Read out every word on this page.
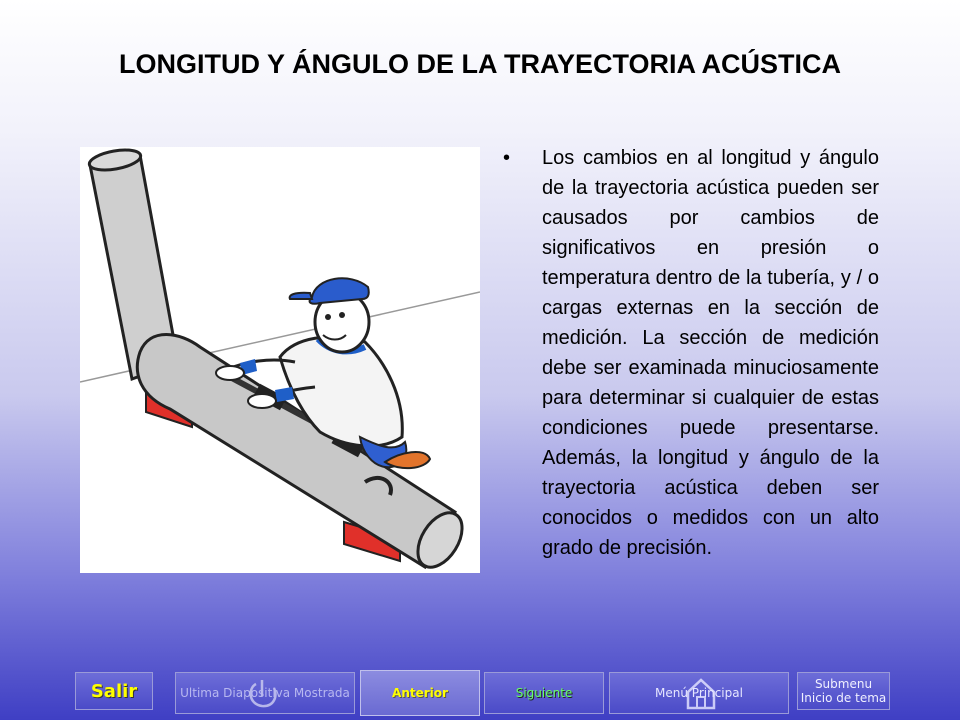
LONGITUD Y ÁNGULO DE LA TRAYECTORIA ACÚSTICA
•	Los cambios en al longitud y ángulo de la trayectoria acústica pueden ser causados por cambios de significativos en presión o temperatura dentro de la tubería, y / o cargas externas en la sección de medición. La sección de medición debe ser examinada minuciosamente para determinar si cualquier de estas condiciones puede presentarse. Además, la longitud y ángulo de la trayectoria acústica deben ser conocidos o medidos con un alto grado de precisión.
Salir	Ultima Diapositiva Mostrada	Anterior	Siguiente	Menú Principal
Submenu
Inicio de tema
